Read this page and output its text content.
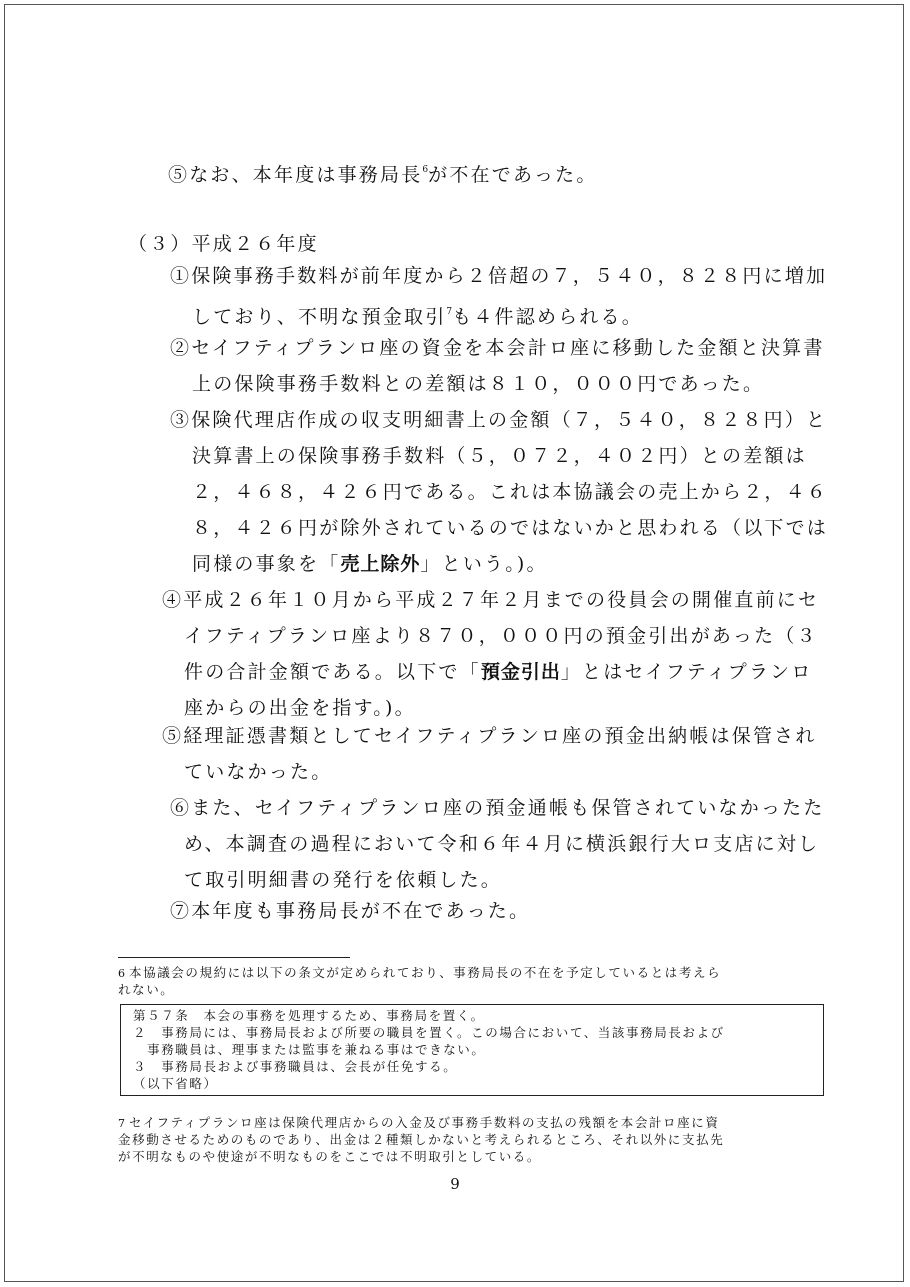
⑤なお、本年度は事務局長$^6$が不在であった。

（３）平成２６年度

①保険事務手数料が前年度から２倍超の７，５４０，８２８円に増加
しており、不明な預金取引$^7$も４件認められる。

②セイフティプランロ座の資金を本会計ロ座に移動した金額と決算書
上の保険事務手数料との差額は８１０，０００円であった。

③保険代理店作成の収支明細書上の金額（７，５４０，８２８円）と
決算書上の保険事務手数料（５，０７２，４０２円）との差額は
２，４６８，４２６円である。これは本協議会の売上から２，４６
８，４２６円が除外されているのではないかと思われる（以下では
同様の事象を「売上除外」という。)。

④平成２６年１０月から平成２７年２月までの役員会の開催直前にセ
イフティプランロ座より８７０，０００円の預金引出があった（３
件の合計金額である。以下で「預金引出」とはセイフティプランロ
座からの出金を指す。)。

⑤経理証憑書類としてセイフティプランロ座の預金出納帳は保管され
ていなかった。

⑥また、セイフティプランロ座の預金通帳も保管されていなかったた
め、本調査の過程において令和６年４月に横浜銀行大ロ支店に対し
て取引明細書の発行を依頼した。

⑦本年度も事務局長が不在であった。

6 本協議会の規約には以下の条文が定められており、事務局長の不在を予定しているとは考えら
れない。

第５７条　本会の事務を処理するため、事務局を置く。
２　事務局には、事務局長および所要の職員を置く。この場合において、当該事務局長および
　事務職員は、理事または監事を兼ねる事はできない。
３　事務局長および事務職員は、会長が任免する。
（以下省略）

7 セイフティプランロ座は保険代理店からの入金及び事務手数料の支払の残額を本会計ロ座に資
金移動させるためのものであり、出金は２種類しかないと考えられるところ、それ以外に支払先
が不明なものや使途が不明なものをここでは不明取引としている。

9
